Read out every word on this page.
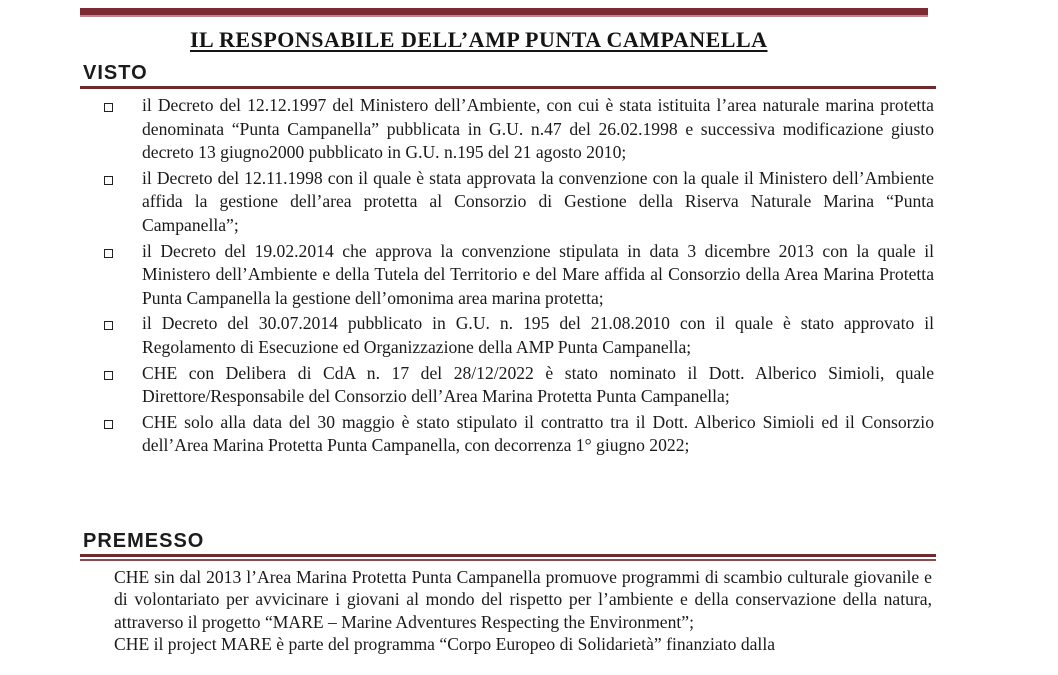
IL RESPONSABILE DELL’AMP PUNTA CAMPANELLA
VISTO
il Decreto del 12.12.1997 del Ministero dell’Ambiente, con cui è stata istituita l’area naturale marina protetta denominata “Punta Campanella” pubblicata in G.U. n.47 del 26.02.1998 e successiva modificazione giusto decreto 13 giugno2000 pubblicato in G.U. n.195 del 21 agosto 2010;
il Decreto del 12.11.1998 con il quale è stata approvata la convenzione con la quale il Ministero dell’Ambiente affida la gestione dell’area protetta al Consorzio di Gestione della Riserva Naturale Marina “Punta Campanella”;
il Decreto del 19.02.2014 che approva la convenzione stipulata in data 3 dicembre 2013 con la quale il Ministero dell’Ambiente e della Tutela del Territorio e del Mare affida al Consorzio della Area Marina Protetta Punta Campanella la gestione dell’omonima area marina protetta;
il Decreto del 30.07.2014 pubblicato in G.U. n. 195 del 21.08.2010 con il quale è stato approvato il Regolamento di Esecuzione ed Organizzazione della AMP Punta Campanella;
CHE con Delibera di CdA n. 17 del 28/12/2022 è stato nominato il Dott. Alberico Simioli, quale Direttore/Responsabile del Consorzio dell’Area Marina Protetta Punta Campanella;
CHE solo alla data del 30 maggio è stato stipulato il contratto tra il Dott. Alberico Simioli ed il Consorzio dell’Area Marina Protetta Punta Campanella, con decorrenza 1° giugno 2022;
PREMESSO

CHE sin dal 2013 l’Area Marina Protetta Punta Campanella promuove programmi di scambio culturale giovanile e di volontariato per avvicinare i giovani al mondo del rispetto per l’ambiente e della conservazione della natura, attraverso il progetto “MARE – Marine Adventures Respecting the Environment”;

CHE il project MARE è parte del programma “Corpo Europeo di Solidarietà” finanziato dalla
